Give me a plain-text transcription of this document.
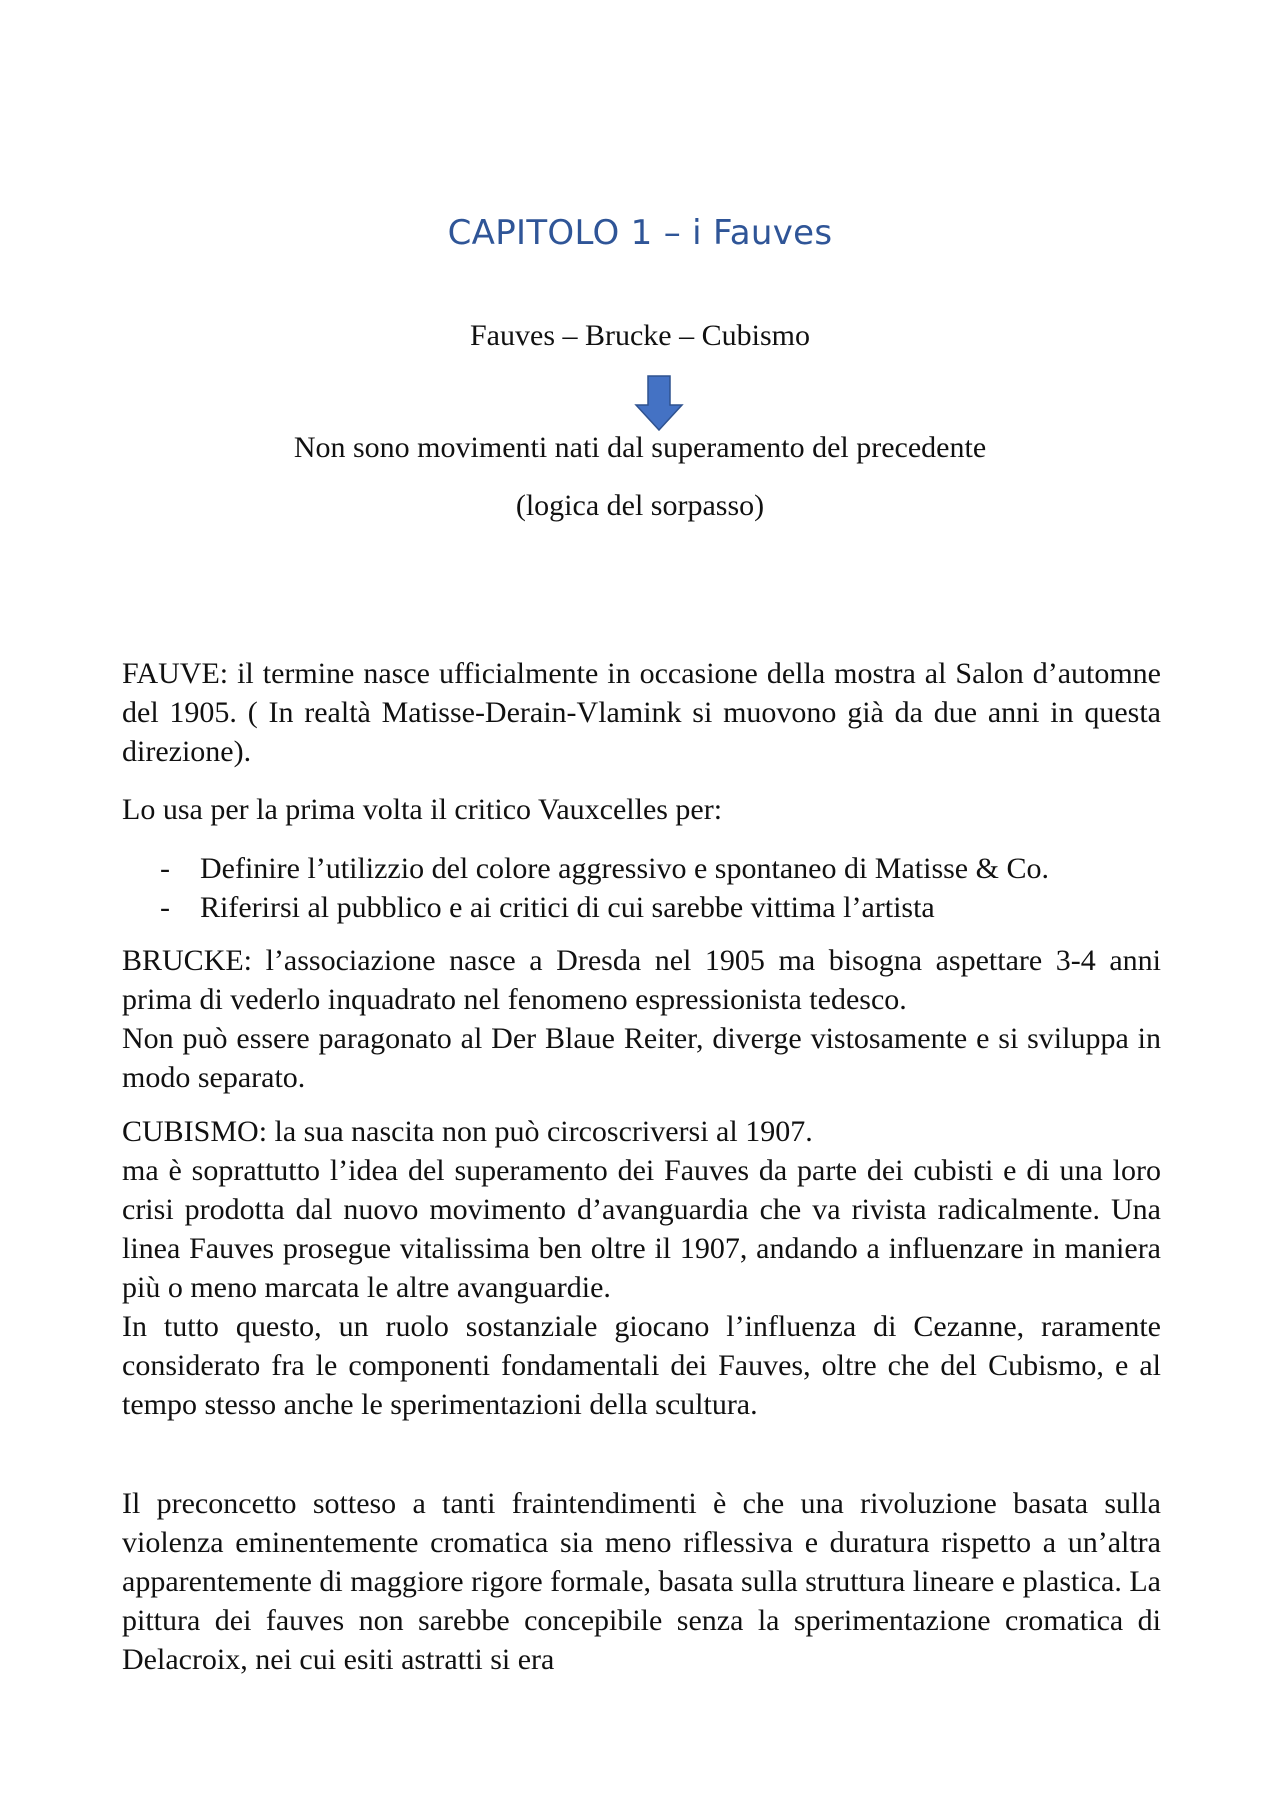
CAPITOLO 1 – i Fauves
Fauves – Brucke – Cubismo
Non sono movimenti nati dal superamento del precedente
(logica del sorpasso)

FAUVE: il termine nasce ufficialmente in occasione della mostra al Salon d’automne del 1905. ( In realtà Matisse-Derain-Vlamink si muovono già da due anni in questa direzione).

Lo usa per la prima volta il critico Vauxcelles per:

- Definire l’utilizzio del colore aggressivo e spontaneo di Matisse & Co.
- Riferirsi al pubblico e ai critici di cui sarebbe vittima l’artista

BRUCKE: l’associazione nasce a Dresda nel 1905 ma bisogna aspettare 3-4 anni prima di vederlo inquadrato nel fenomeno espressionista tedesco.

Non può essere paragonato al Der Blaue Reiter, diverge vistosamente e si sviluppa in modo separato.

CUBISMO: la sua nascita non può circoscriversi al 1907.

ma è soprattutto l’idea del superamento dei Fauves da parte dei cubisti e di una loro crisi prodotta dal nuovo movimento d’avanguardia che va rivista radicalmente. Una linea Fauves prosegue vitalissima ben oltre il 1907, andando a influenzare in maniera più o meno marcata le altre avanguardie.

In tutto questo, un ruolo sostanziale giocano l’influenza di Cezanne, raramente considerato fra le componenti fondamentali dei Fauves, oltre che del Cubismo, e al tempo stesso anche le sperimentazioni della scultura.

Il preconcetto sotteso a tanti fraintendimenti è che una rivoluzione basata sulla violenza eminentemente cromatica sia meno riflessiva e duratura rispetto a un’altra apparentemente di maggiore rigore formale, basata sulla struttura lineare e plastica. La pittura dei fauves non sarebbe concepibile senza la sperimentazione cromatica di Delacroix, nei cui esiti astratti si era
